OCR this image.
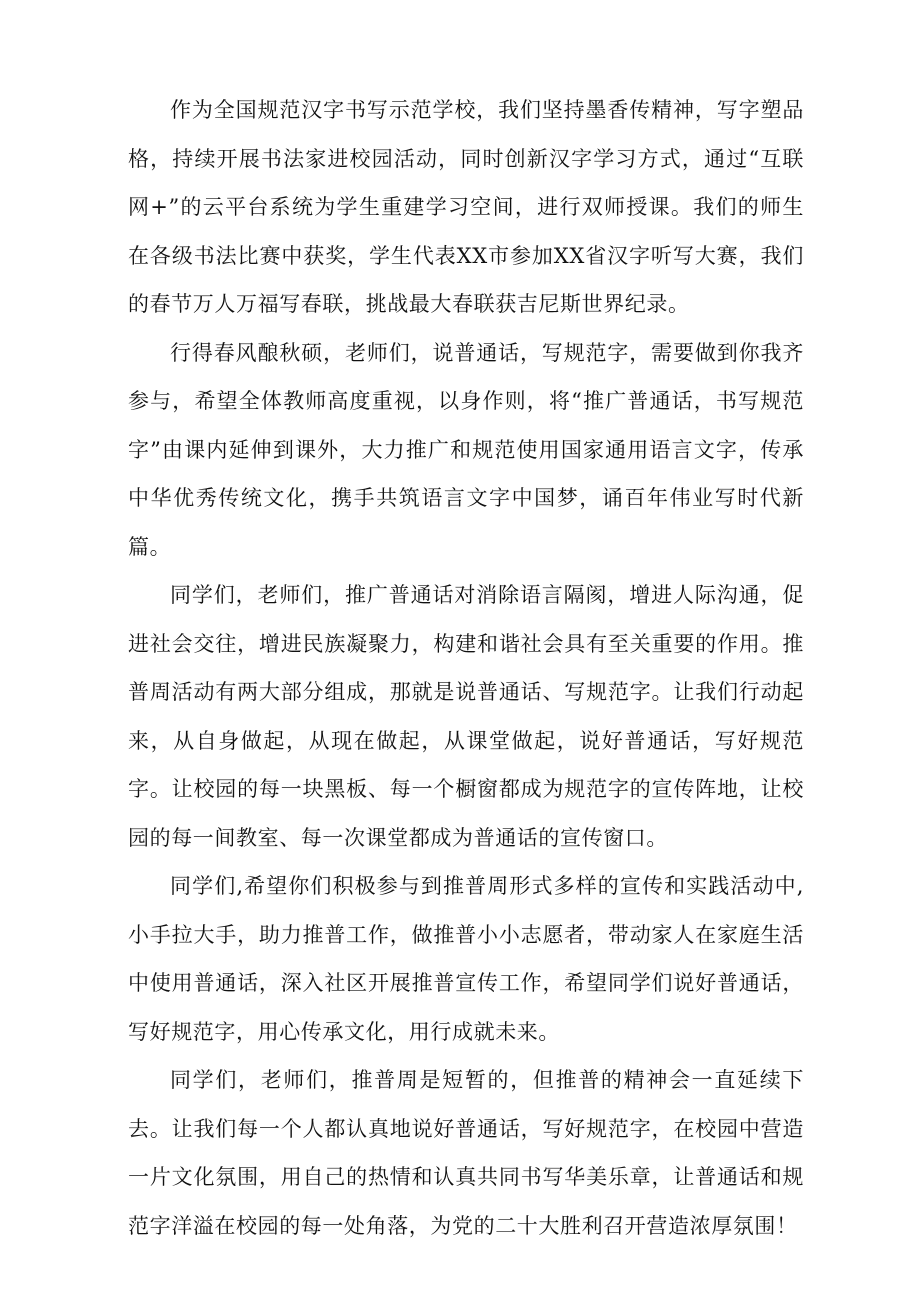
作为全国规范汉字书写示范学校，我们坚持墨香传精神，写字塑品格，持续开展书法家进校园活动，同时创新汉字学习方式，通过“互联网+”的云平台系统为学生重建学习空间，进行双师授课。我们的师生在各级书法比赛中获奖，学生代表XX市参加XX省汉字听写大赛，我们的春节万人万福写春联，挑战最大春联获吉尼斯世界纪录。

行得春风酿秋硕，老师们，说普通话，写规范字，需要做到你我齐参与，希望全体教师高度重视，以身作则，将“推广普通话，书写规范字”由课内延伸到课外，大力推广和规范使用国家通用语言文字，传承中华优秀传统文化，携手共筑语言文字中国梦，诵百年伟业写时代新篇。

同学们，老师们，推广普通话对消除语言隔阂，增进人际沟通，促进社会交往，增进民族凝聚力，构建和谐社会具有至关重要的作用。推普周活动有两大部分组成，那就是说普通话、写规范字。让我们行动起来，从自身做起，从现在做起，从课堂做起，说好普通话，写好规范字。让校园的每一块黑板、每一个橱窗都成为规范字的宣传阵地，让校园的每一间教室、每一次课堂都成为普通话的宣传窗口。

同学们,希望你们积极参与到推普周形式多样的宣传和实践活动中,小手拉大手，助力推普工作，做推普小小志愿者，带动家人在家庭生活中使用普通话，深入社区开展推普宣传工作，希望同学们说好普通话，写好规范字，用心传承文化，用行成就未来。

同学们，老师们，推普周是短暂的，但推普的精神会一直延续下去。让我们每一个人都认真地说好普通话，写好规范字，在校园中营造一片文化氛围，用自己的热情和认真共同书写华美乐章，让普通话和规范字洋溢在校园的每一处角落，为党的二十大胜利召开营造浓厚氛围！
